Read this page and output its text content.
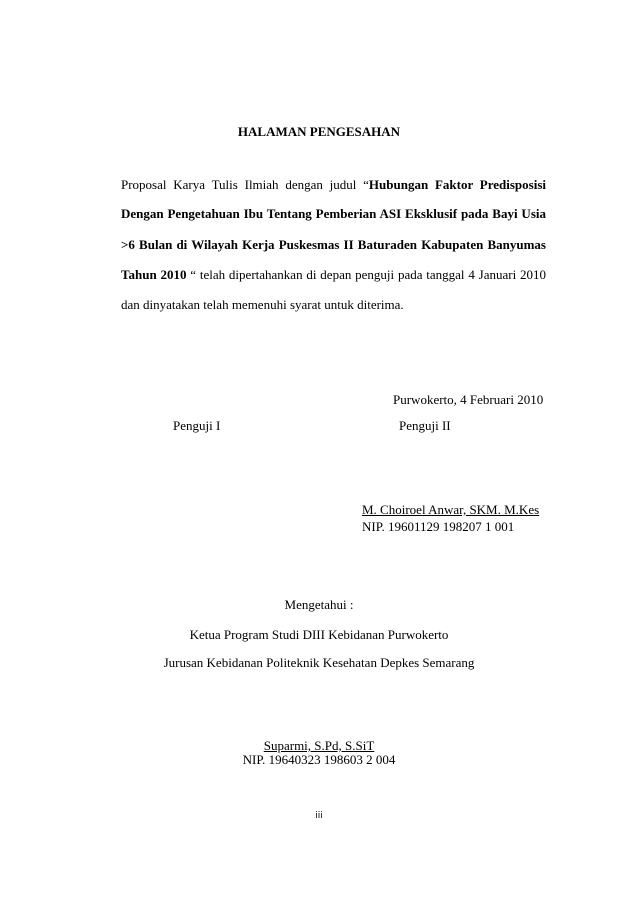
HALAMAN PENGESAHAN
Proposal Karya Tulis Ilmiah dengan judul “Hubungan Faktor Predisposisi
Dengan Pengetahuan Ibu Tentang Pemberian ASI Eksklusif pada Bayi Usia
>6 Bulan di Wilayah Kerja Puskesmas II Baturaden Kabupaten Banyumas
Tahun 2010 “ telah dipertahankan di depan penguji pada tanggal 4 Januari 2010
dan dinyatakan telah memenuhi syarat untuk diterima.
Purwokerto, 4 Februari 2010
Penguji I	Penguji II
M. Choiroel Anwar, SKM. M.Kes
NIP. 19601129 198207 1 001
Mengetahui :
Ketua Program Studi DIII Kebidanan Purwokerto
Jurusan Kebidanan Politeknik Kesehatan Depkes Semarang
Suparmi, S.Pd, S.SiT
NIP. 19640323 198603 2 004
iii
